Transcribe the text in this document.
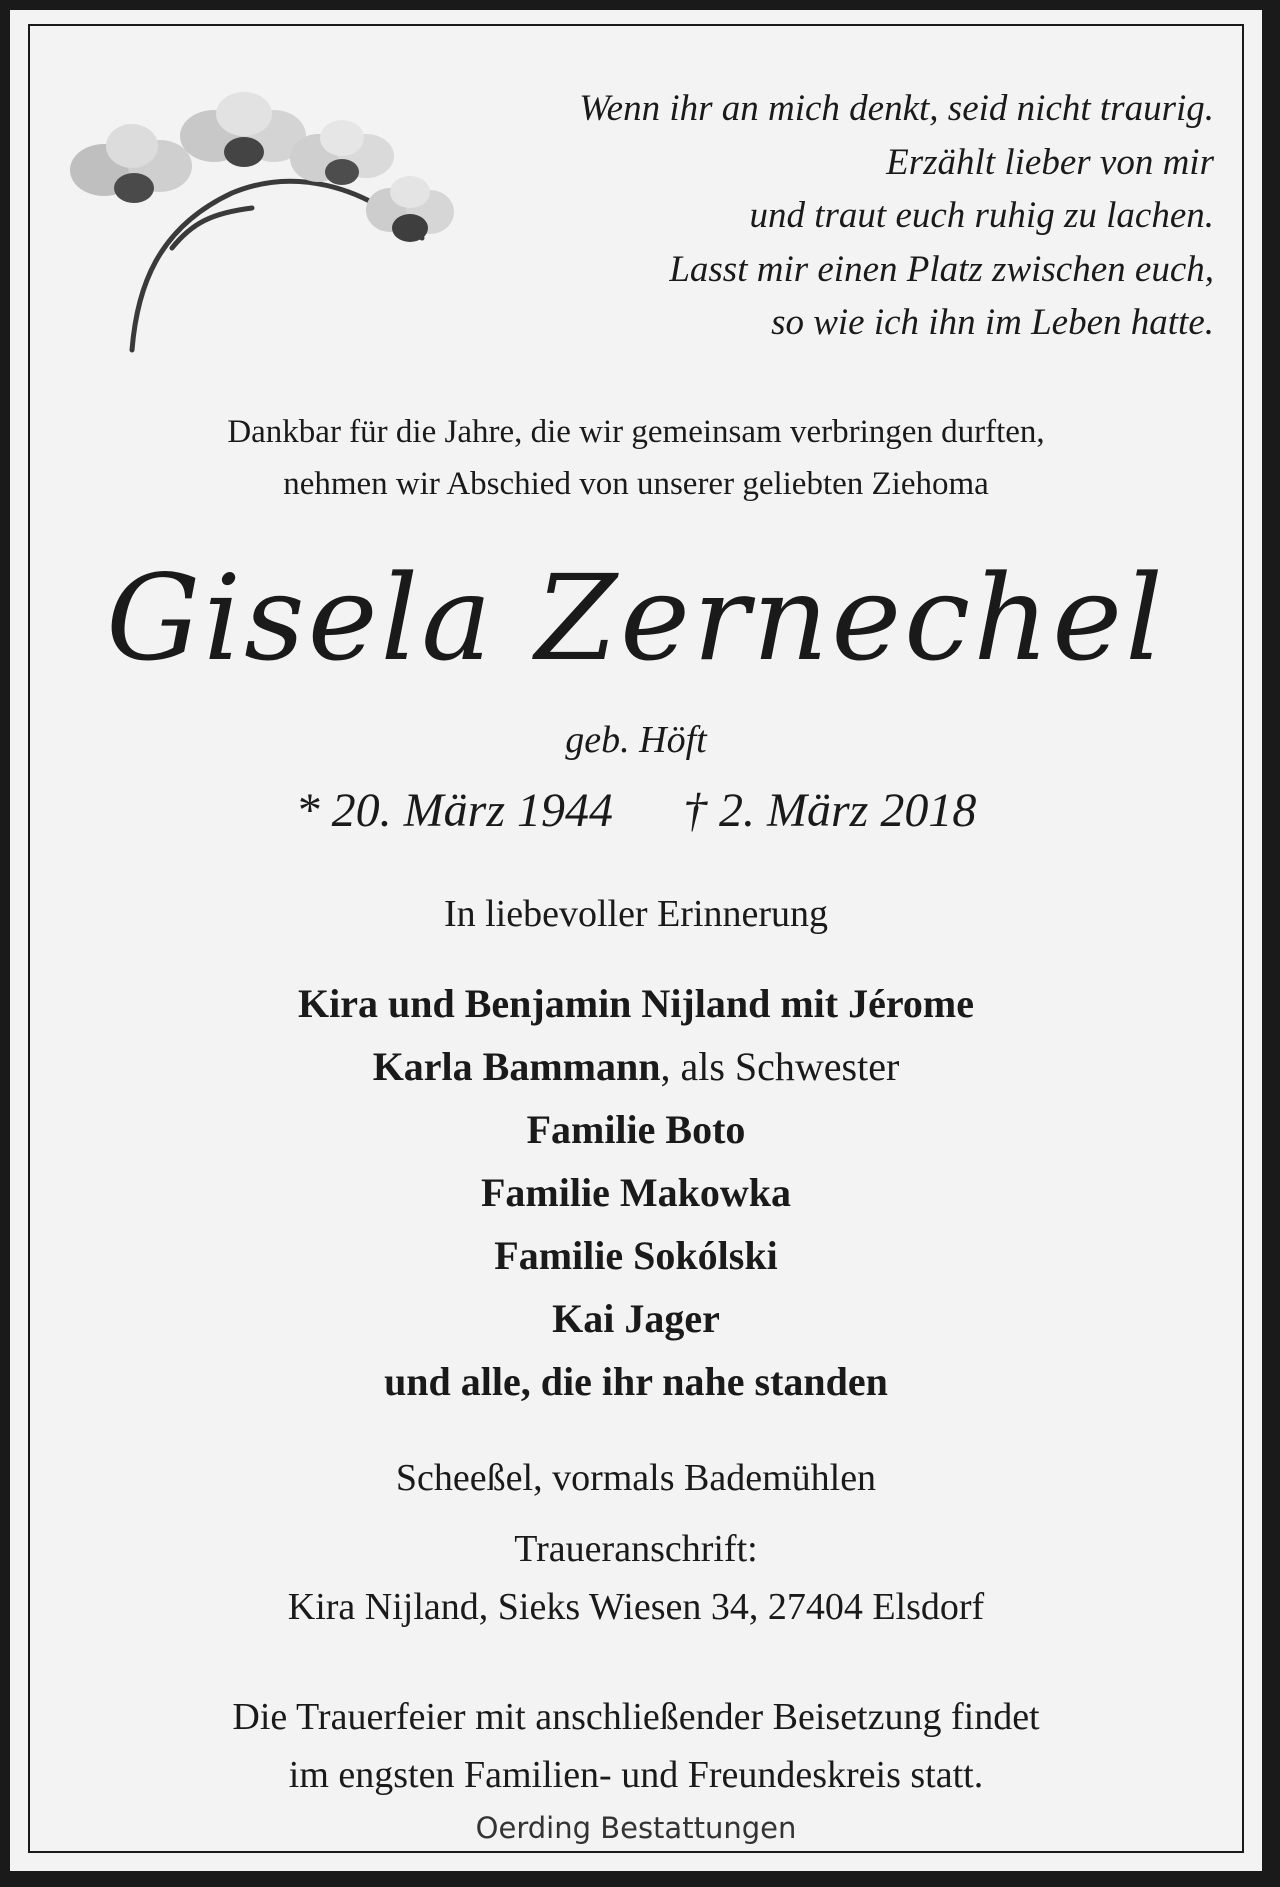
Wenn ihr an mich denkt, seid nicht traurig.
Erzählt lieber von mir
und traut euch ruhig zu lachen.
Lasst mir einen Platz zwischen euch,
so wie ich ihn im Leben hatte.
Dankbar für die Jahre, die wir gemeinsam verbringen durften,
nehmen wir Abschied von unserer geliebten Ziehoma
Gisela Zernechel
geb. Höft
* 20. März 1944 † 2. März 2018
In liebevoller Erinnerung
Kira und Benjamin Nijland mit Jérome
Karla Bammann, als Schwester
Familie Boto
Familie Makowka
Familie Sokólski
Kai Jager
und alle, die ihr nahe standen
Scheeßel, vormals Bademühlen
Traueranschrift:
Kira Nijland, Sieks Wiesen 34, 27404 Elsdorf
Die Trauerfeier mit anschließender Beisetzung findet
im engsten Familien- und Freundeskreis statt.
Oerding Bestattungen
